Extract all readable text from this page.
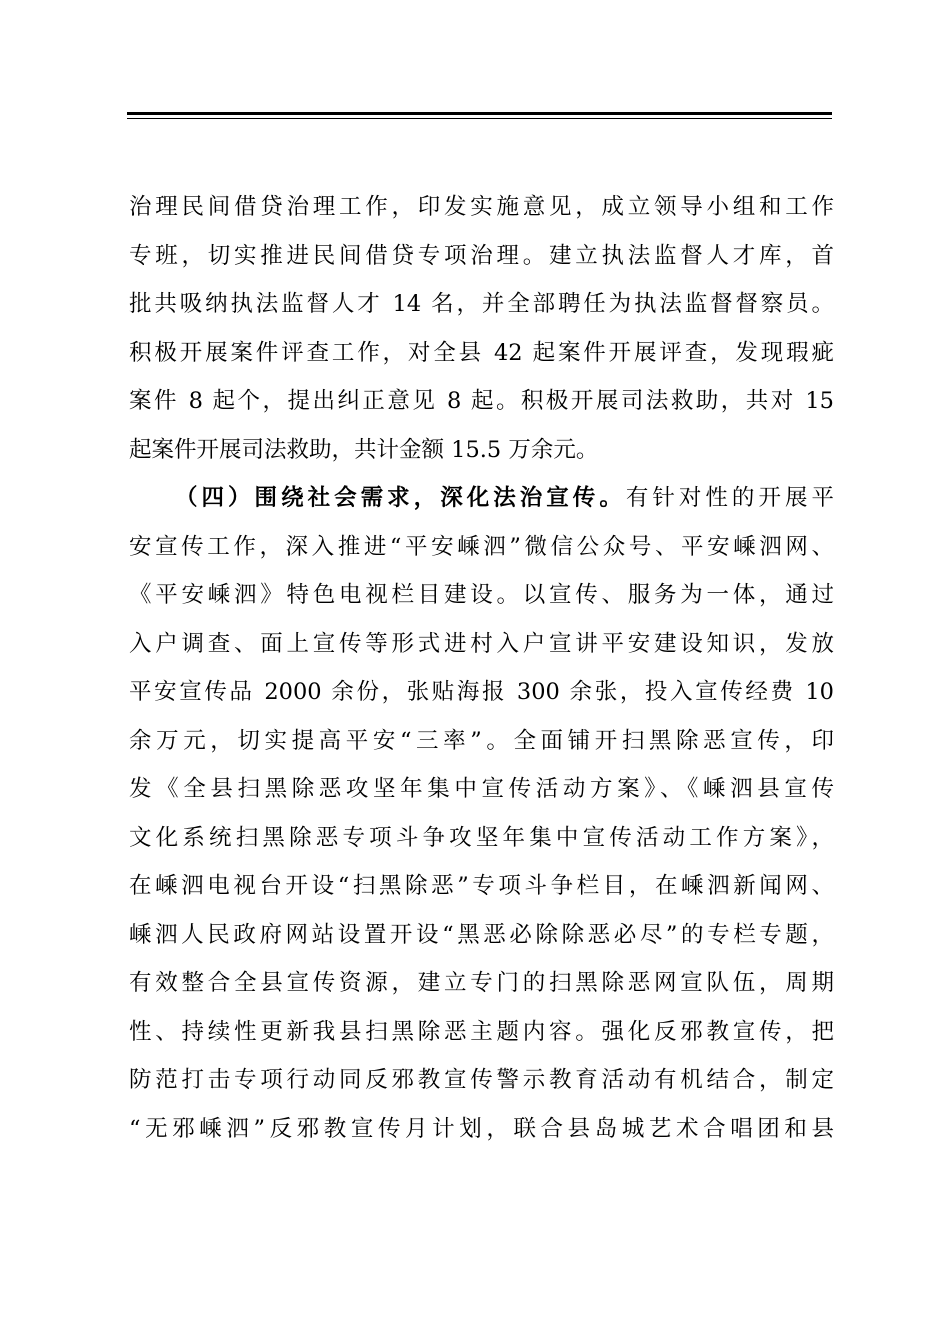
治理民间借贷治理工作，印发实施意见，成立领导小组和工作
专班，切实推进民间借贷专项治理。建立执法监督人才库，首
批共吸纳执法监督人才 14 名，并全部聘任为执法监督督察员。
积极开展案件评查工作，对全县 42 起案件开展评查，发现瑕疵
案件 8 起个，提出纠正意见 8 起。积极开展司法救助，共对 15
起案件开展司法救助，共计金额 15.5 万余元。
（四）围绕社会需求，深化法治宣传。有针对性的开展平
安宣传工作，深入推进“平安嵊泗”微信公众号、平安嵊泗网、
《平安嵊泗》特色电视栏目建设。以宣传、服务为一体，通过
入户调查、面上宣传等形式进村入户宣讲平安建设知识，发放
平安宣传品 2000 余份，张贴海报 300 余张，投入宣传经费 10
余万元，切实提高平安“三率”。全面铺开扫黑除恶宣传，印
发《全县扫黑除恶攻坚年集中宣传活动方案》、《嵊泗县宣传
文化系统扫黑除恶专项斗争攻坚年集中宣传活动工作方案》，
在嵊泗电视台开设“扫黑除恶”专项斗争栏目，在嵊泗新闻网、
嵊泗人民政府网站设置开设“黑恶必除除恶必尽”的专栏专题，
有效整合全县宣传资源，建立专门的扫黑除恶网宣队伍，周期
性、持续性更新我县扫黑除恶主题内容。强化反邪教宣传，把
防范打击专项行动同反邪教宣传警示教育活动有机结合，制定
“无邪嵊泗”反邪教宣传月计划，联合县岛城艺术合唱团和县
